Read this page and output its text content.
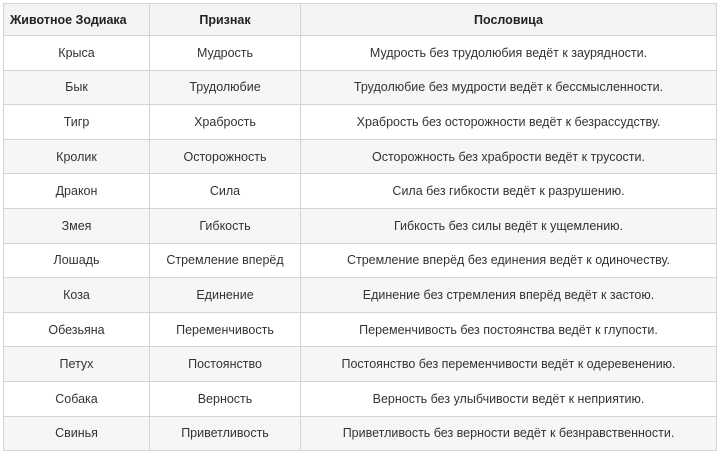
Животное Зодиака	Признак	Пословица
Крыса	Мудрость	Мудрость без трудолюбия ведёт к заурядности.
Бык	Трудолюбие	Трудолюбие без мудрости ведёт к бессмысленности.
Тигр	Храбрость	Храбрость без осторожности ведёт к безрассудству.
Кролик	Осторожность	Осторожность без храбрости ведёт к трусости.
Дракон	Сила	Сила без гибкости ведёт к разрушению.
Змея	Гибкость	Гибкость без силы ведёт к ущемлению.
Лошадь	Стремление вперёд	Стремление вперёд без единения ведёт к одиночеству.
Коза	Единение	Единение без стремления вперёд ведёт к застою.
Обезьяна	Переменчивость	Переменчивость без постоянства ведёт к глупости.
Петух	Постоянство	Постоянство без переменчивости ведёт к одеревенению.
Собака	Верность	Верность без улыбчивости ведёт к неприятию.
Свинья	Приветливость	Приветливость без верности ведёт к безнравственности.
